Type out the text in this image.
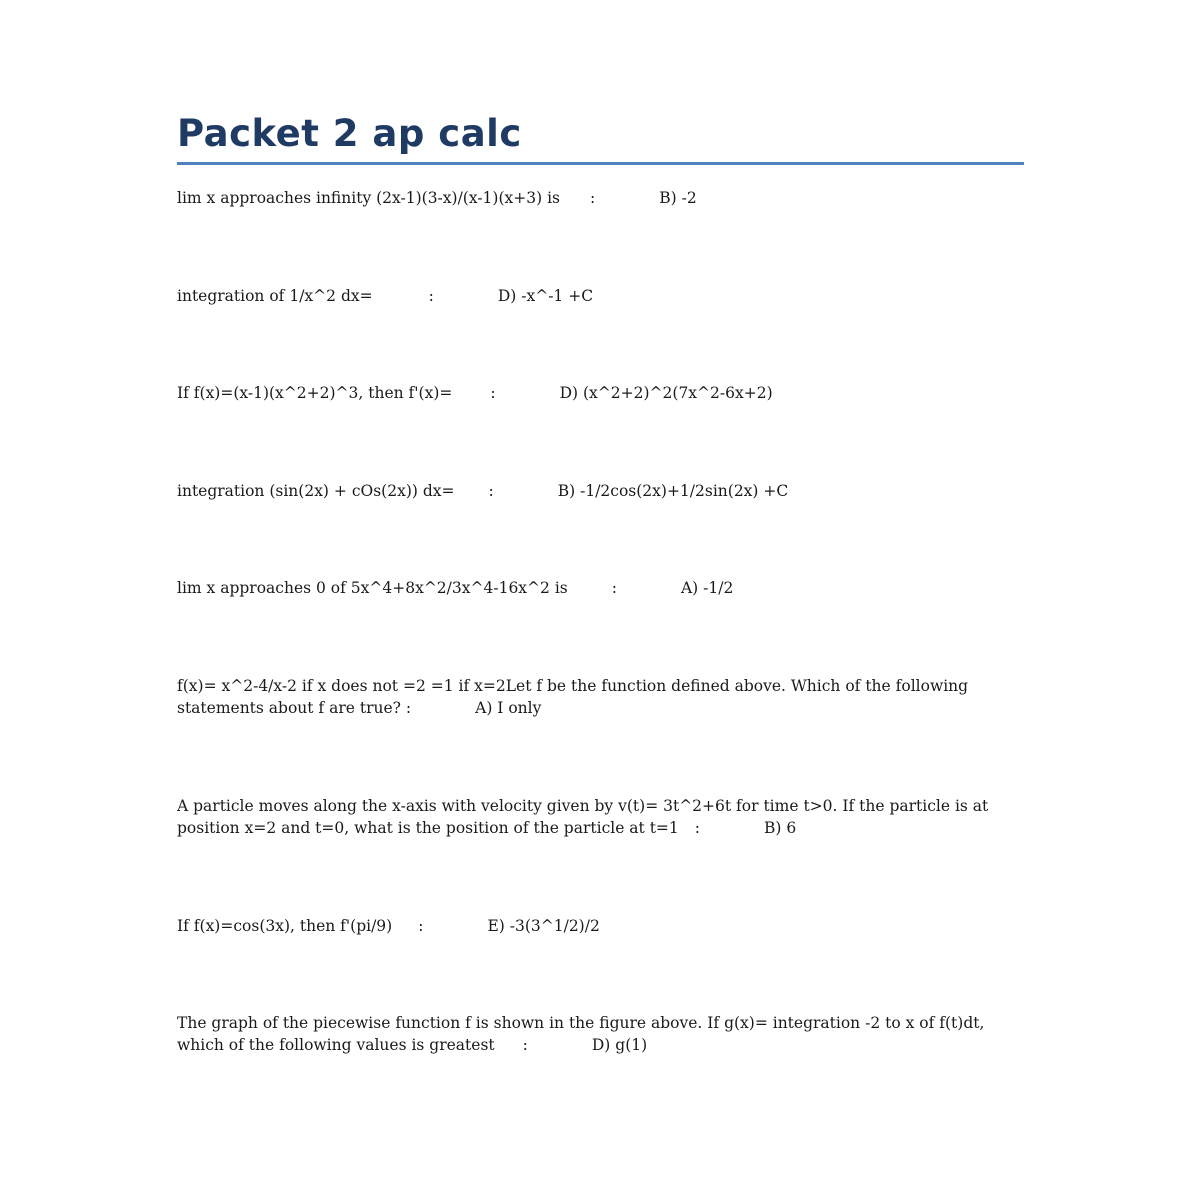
Packet 2 ap calc
lim x approaches infinity (2x-1)(3-x)/(x-1)(x+3) is :	B) -2
integration of 1/x^2 dx=	:	D) -x^-1 +C
If f(x)=(x-1)(x^2+2)^3, then f'(x)= :	D) (x^2+2)^2(7x^2-6x+2)
integration (sin(2x) + cOs(2x)) dx= :	B) -1/2cos(2x)+1/2sin(2x) +C
lim x approaches 0 of 5x^4+8x^2/3x^4-16x^2 is	:	A) -1/2
f(x)= x^2-4/x-2 if x does not =2 =1 if x=2Let f be the function defined above. Which of the following statements about f are true? :	A) I only
A particle moves along the x-axis with velocity given by v(t)= 3t^2+6t for time t>0. If the particle is at position x=2 and t=0, what is the position of the particle at t=1 :	B) 6
If f(x)=cos(3x), then f'(pi/9) :	E) -3(3^1/2)/2
The graph of the piecewise function f is shown in the figure above. If g(x)= integration -2 to x of f(t)dt, which of the following values is greatest :	D) g(1)
